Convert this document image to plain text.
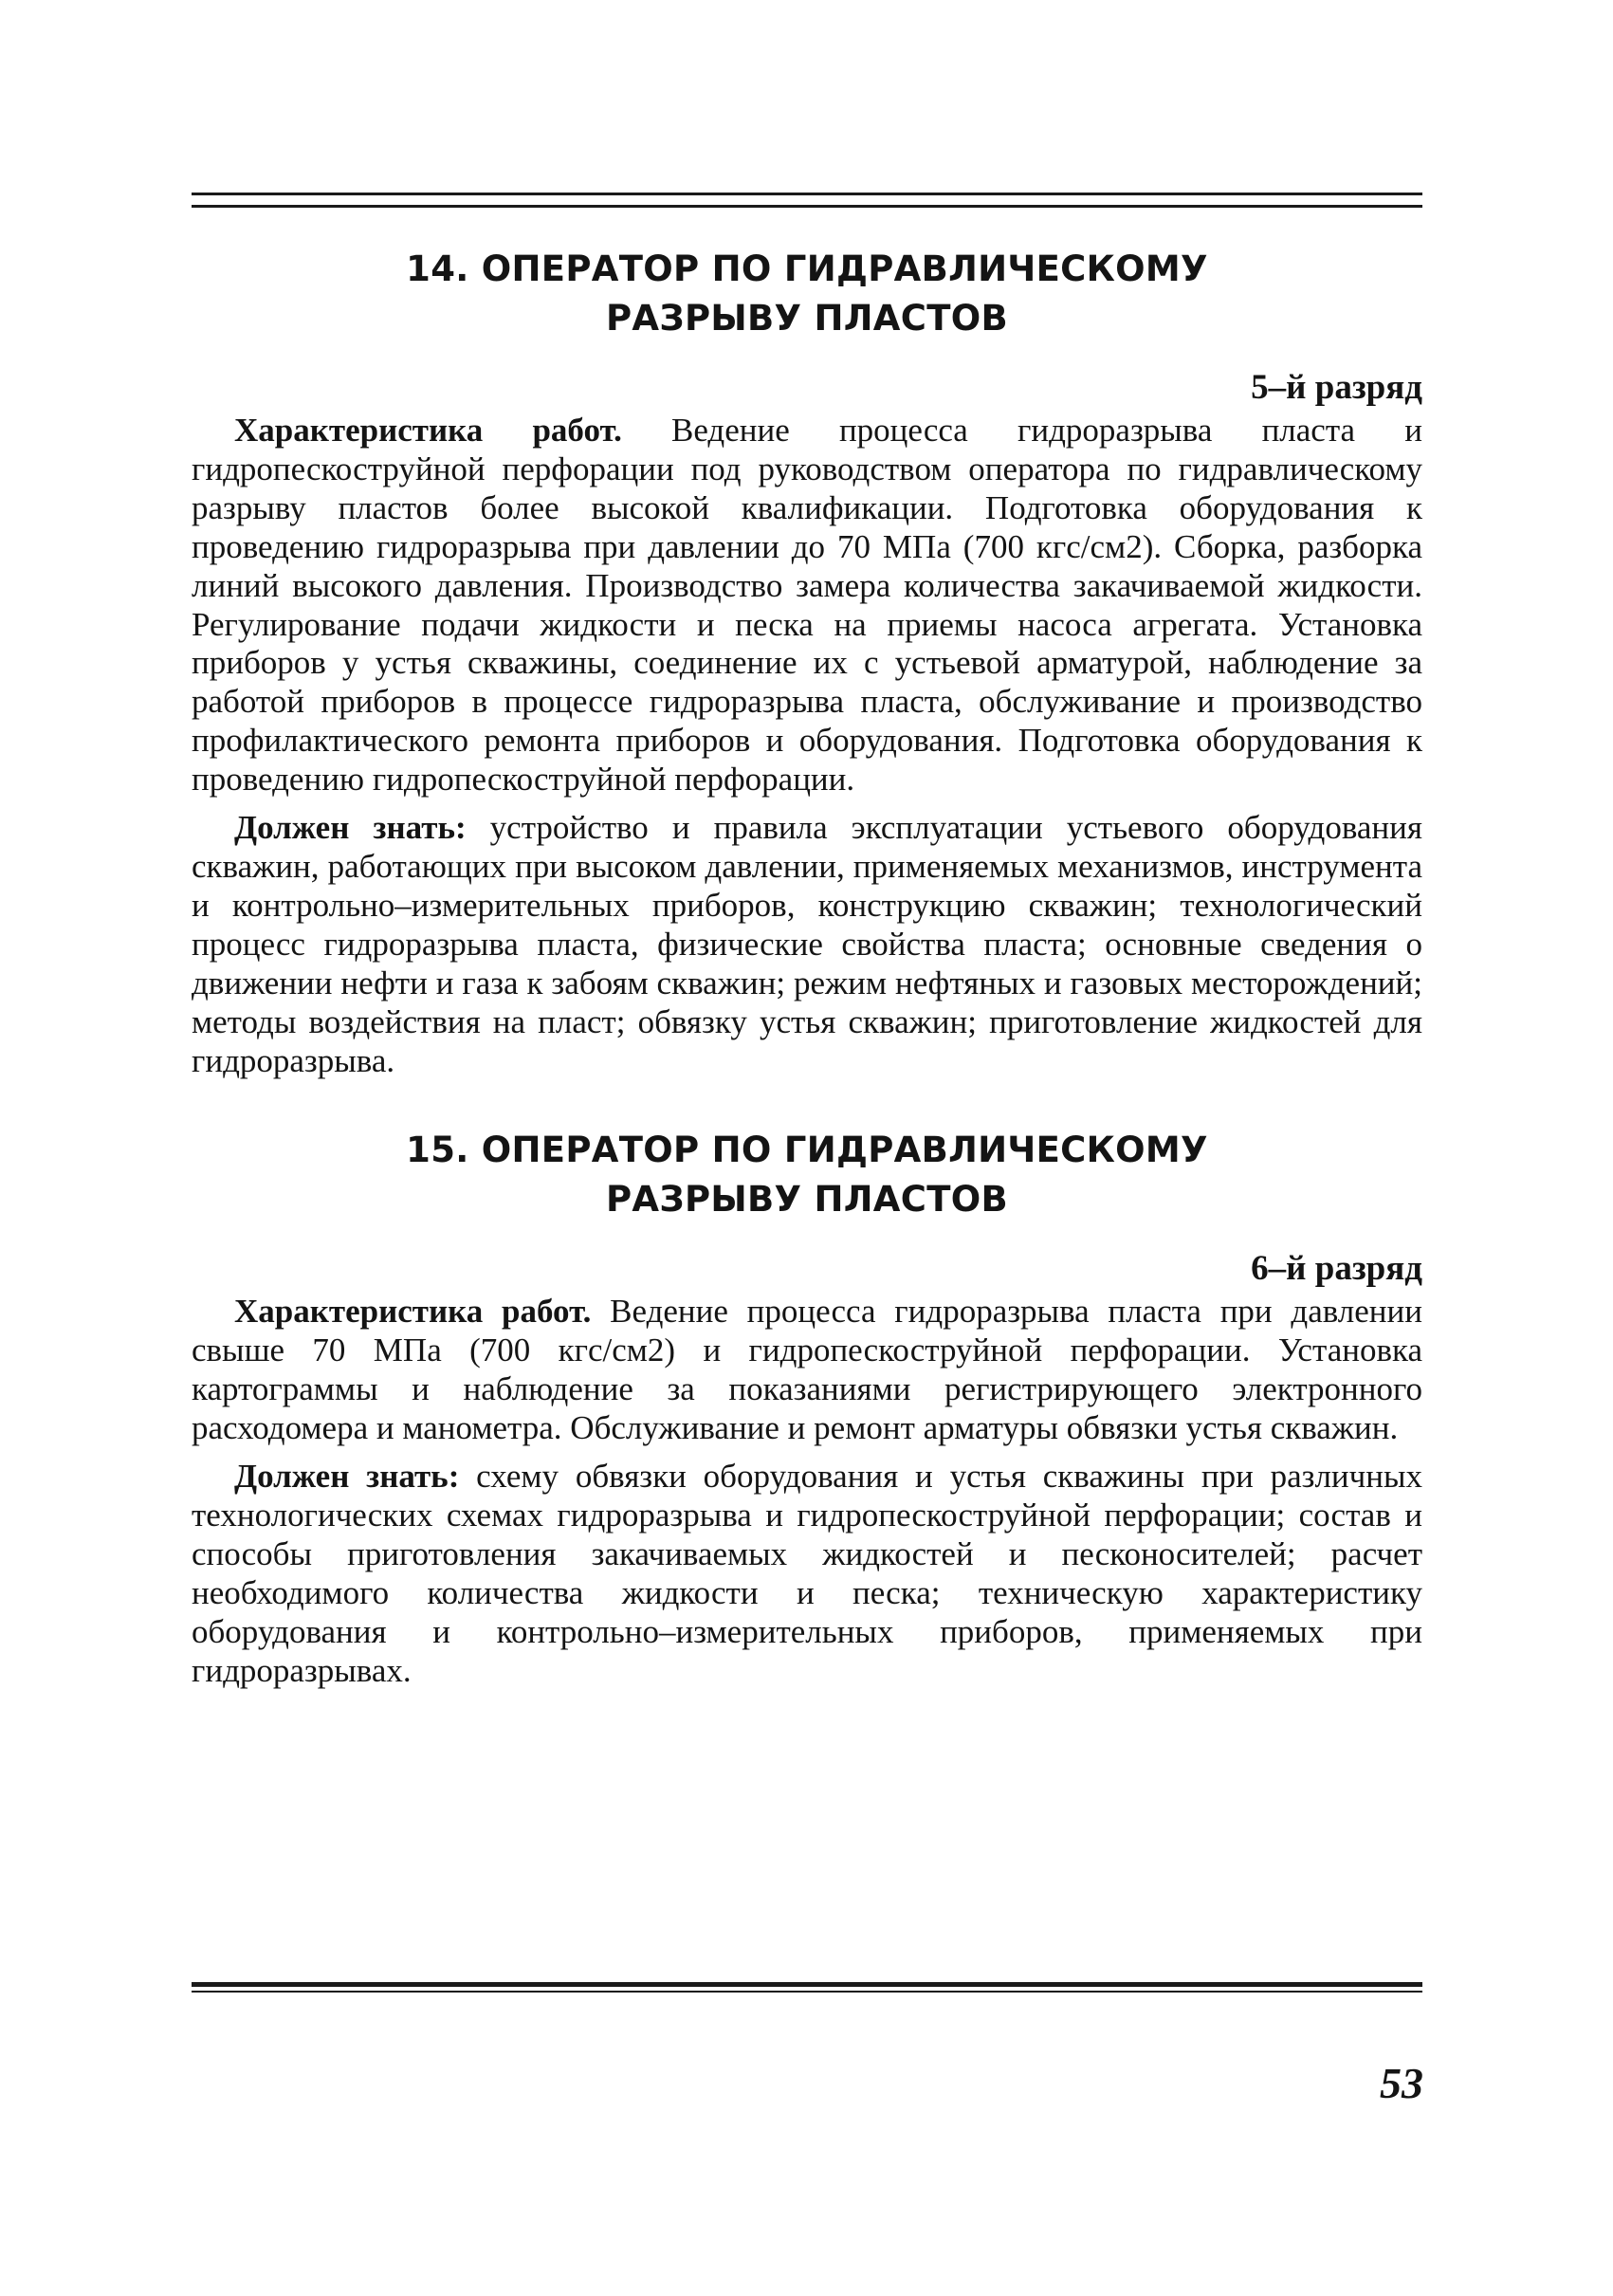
14. ОПЕРАТОР ПО ГИДРАВЛИЧЕСКОМУ
РАЗРЫВУ ПЛАСТОВ
5–й разряд

Характеристика работ. Ведение процесса гидроразрыва пласта и гидропескоструйной перфорации под руководством оператора по гидравлическому разрыву пластов более высокой квалификации. Подготовка оборудования к проведению гидроразрыва при давлении до 70 МПа (700 кгс/см2). Сборка, разборка линий высокого давления. Производство замера количества закачиваемой жидкости. Регулирование подачи жидкости и песка на приемы насоса агрегата. Установка приборов у устья скважины, соединение их с устьевой арматурой, наблюдение за работой приборов в процессе гидроразрыва пласта, обслуживание и производство профилактического ремонта приборов и оборудования. Подготовка оборудования к проведению гидропескоструйной перфорации.

Должен знать: устройство и правила эксплуатации устьевого оборудования скважин, работающих при высоком давлении, применяемых механизмов, инструмента и контрольно–измерительных приборов, конструкцию скважин; технологический процесс гидроразрыва пласта, физические свойства пласта; основные сведения о движении нефти и газа к забоям скважин; режим нефтяных и газовых месторождений; методы воздействия на пласт; обвязку устья скважин; приготовление жидкостей для гидроразрыва.

15. ОПЕРАТОР ПО ГИДРАВЛИЧЕСКОМУ
РАЗРЫВУ ПЛАСТОВ
6–й разряд

Характеристика работ. Ведение процесса гидроразрыва пласта при давлении свыше 70 МПа (700 кгс/см2) и гидропескоструйной перфорации. Установка картограммы и наблюдение за показаниями регистрирующего электронного расходомера и манометра. Обслуживание и ремонт арматуры обвязки устья скважин.

Должен знать: схему обвязки оборудования и устья скважины при различных технологических схемах гидроразрыва и гидропескоструйной перфорации; состав и способы приготовления закачиваемых жидкостей и песконосителей; расчет необходимого количества жидкости и песка; техническую характеристику оборудования и контрольно–измерительных приборов, применяемых при гидроразрывах.

53
